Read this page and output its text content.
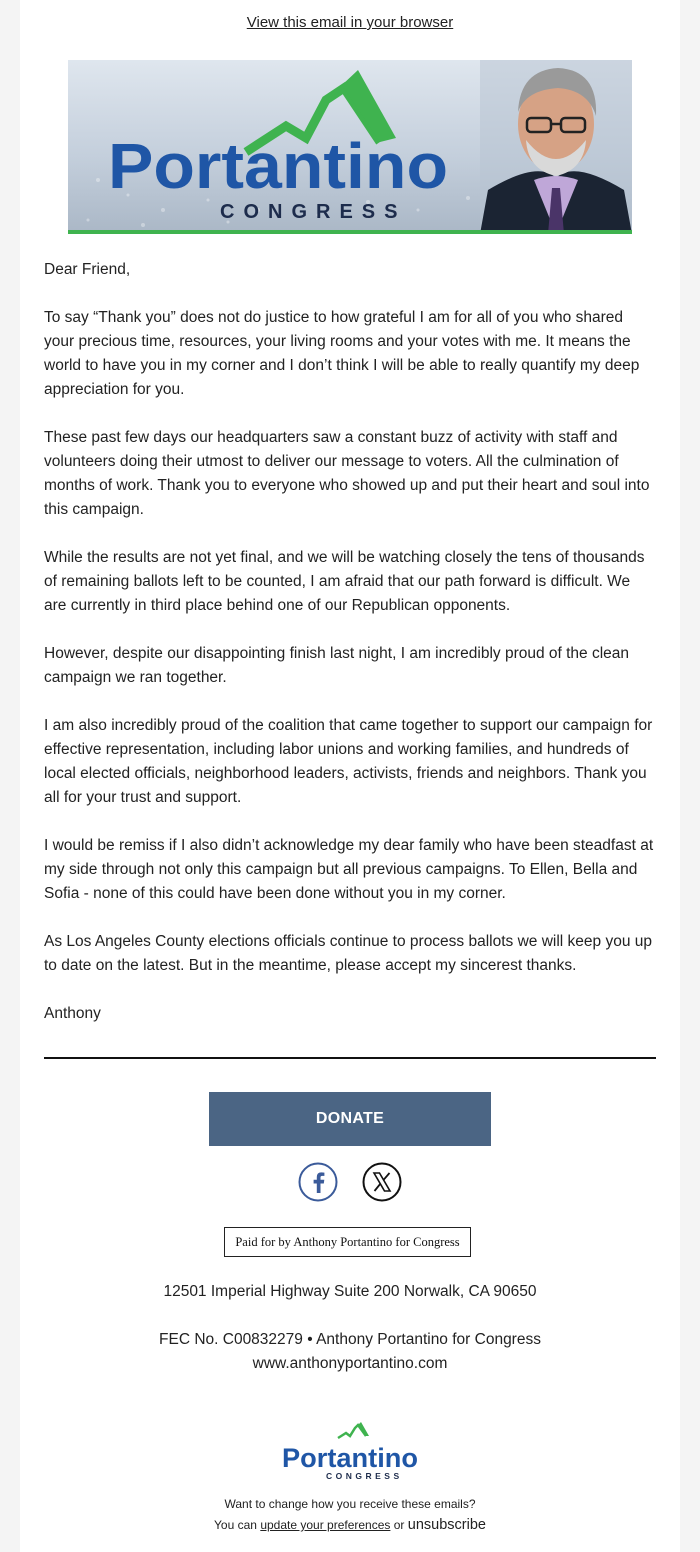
View this email in your browser
Portantino
CONGRESS

Dear Friend,

To say “Thank you” does not do justice to how grateful I am for all of you who shared your precious time, resources, your living rooms and your votes with me. It means the world to have you in my corner and I don’t think I will be able to really quantify my deep appreciation for you.

These past few days our headquarters saw a constant buzz of activity with staff and volunteers doing their utmost to deliver our message to voters. All the culmination of months of work. Thank you to everyone who showed up and put their heart and soul into this campaign.

While the results are not yet final, and we will be watching closely the tens of thousands of remaining ballots left to be counted, I am afraid that our path forward is difficult. We are currently in third place behind one of our Republican opponents.

However, despite our disappointing finish last night, I am incredibly proud of the clean campaign we ran together.

I am also incredibly proud of the coalition that came together to support our campaign for effective representation, including labor unions and working families, and hundreds of local elected officials, neighborhood leaders, activists, friends and neighbors. Thank you all for your trust and support.

I would be remiss if I also didn’t acknowledge my dear family who have been steadfast at my side through not only this campaign but all previous campaigns. To Ellen, Bella and Sofia - none of this could have been done without you in my corner.

As Los Angeles County elections officials continue to process ballots we will keep you up to date on the latest. But in the meantime, please accept my sincerest thanks.

Anthony

DONATE
Paid for by Anthony Portantino for Congress
12501 Imperial Highway Suite 200 Norwalk, CA 90650
FEC No. C00832279 • Anthony Portantino for Congress
www.anthonyportantino.com
Portantino
CONGRESS
Want to change how you receive these emails?
You can update your preferences or unsubscribe
